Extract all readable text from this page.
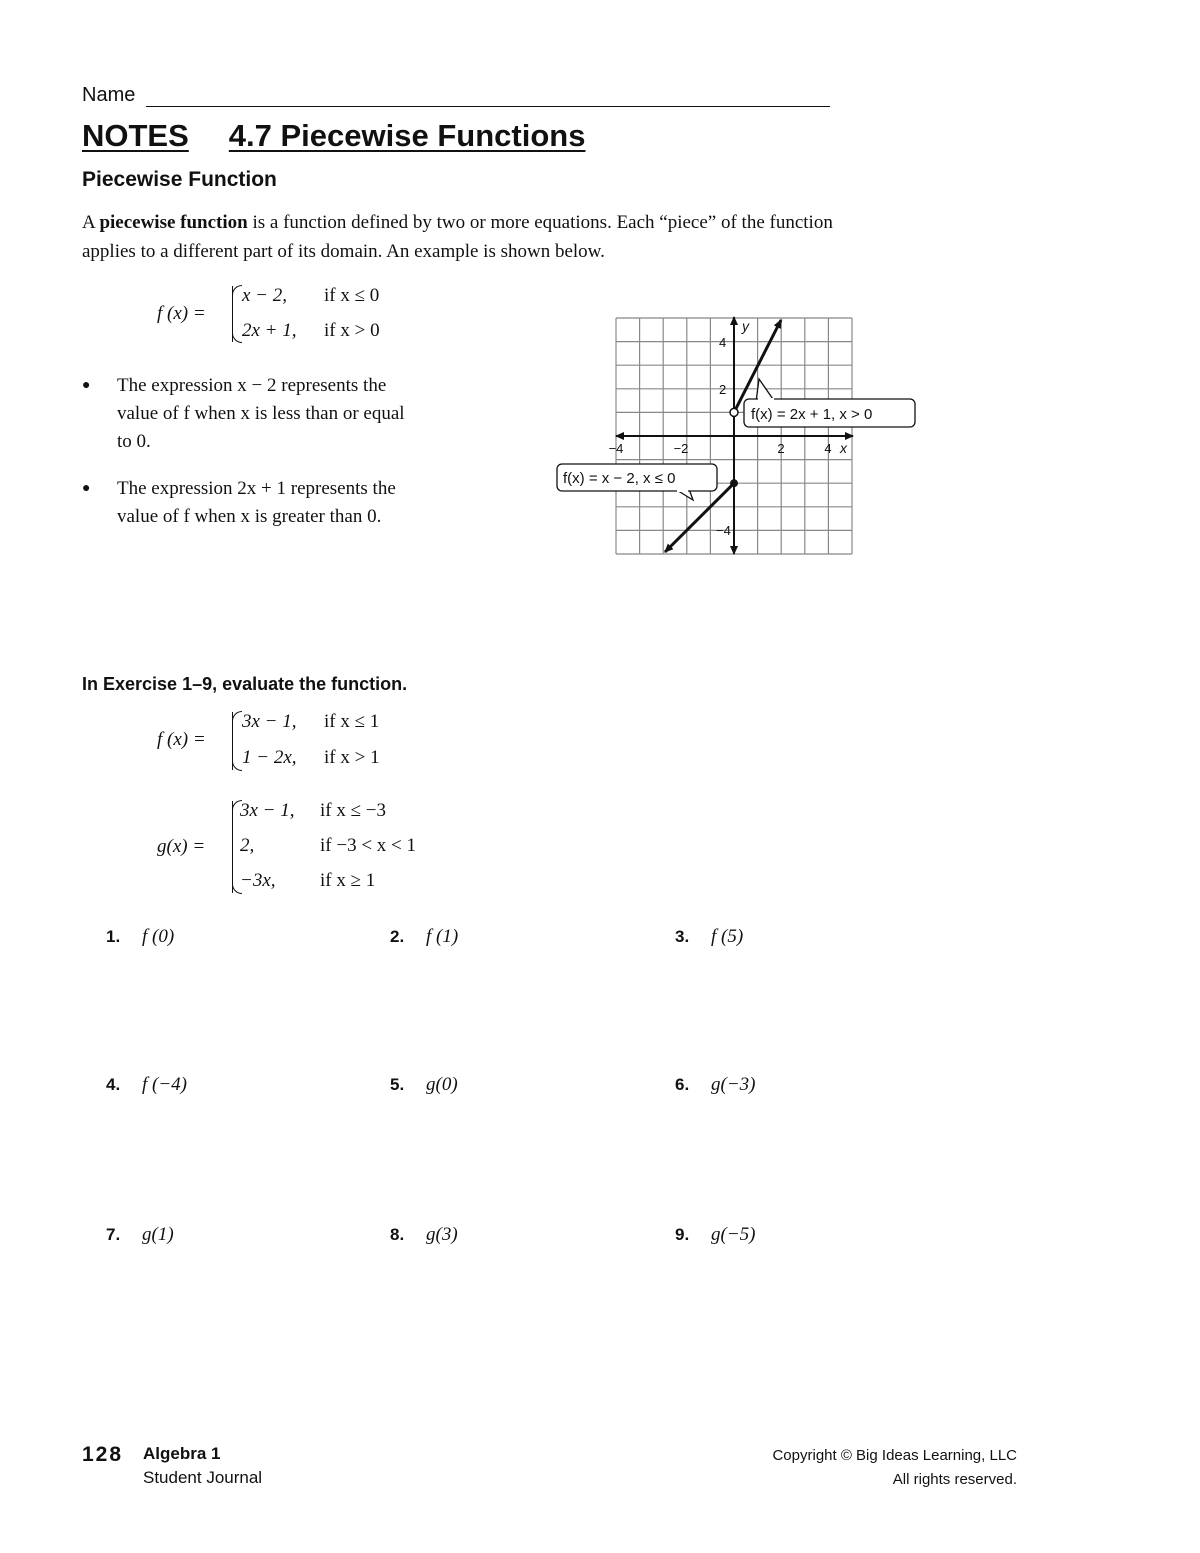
Name
NOTES 4.7 Piecewise Functions
Piecewise Function
A piecewise function is a function defined by two or more equations. Each “piece” of the function applies to a different part of its domain. An example is shown below.
f (x) =
x − 2, if x ≤ 0
2x + 1, if x > 0
● The expression x − 2 represents the value of f when x is less than or equal to 0.
● The expression 2x + 1 represents the value of f when x is greater than 0.
y
x
−4	−2	2	4
4
2
−4
f(x) = 2x + 1, x > 0
f(x) = x − 2, x ≤ 0
In Exercise 1–9, evaluate the function.
f (x) =
3x − 1, if x ≤ 1
1 − 2x, if x > 1
g(x) =
3x − 1, if x ≤ −3
2,	if −3 < x < 1
−3x, if x ≥ 1
1. f (0)	2. f (1)	3. f (5)
4. f (−4)	5. g(0)	6. g(−3)
7. g(1)	8. g(3)	9. g(−5)
128 Algebra 1
Student Journal
Copyright © Big Ideas Learning, LLC
All rights reserved.
